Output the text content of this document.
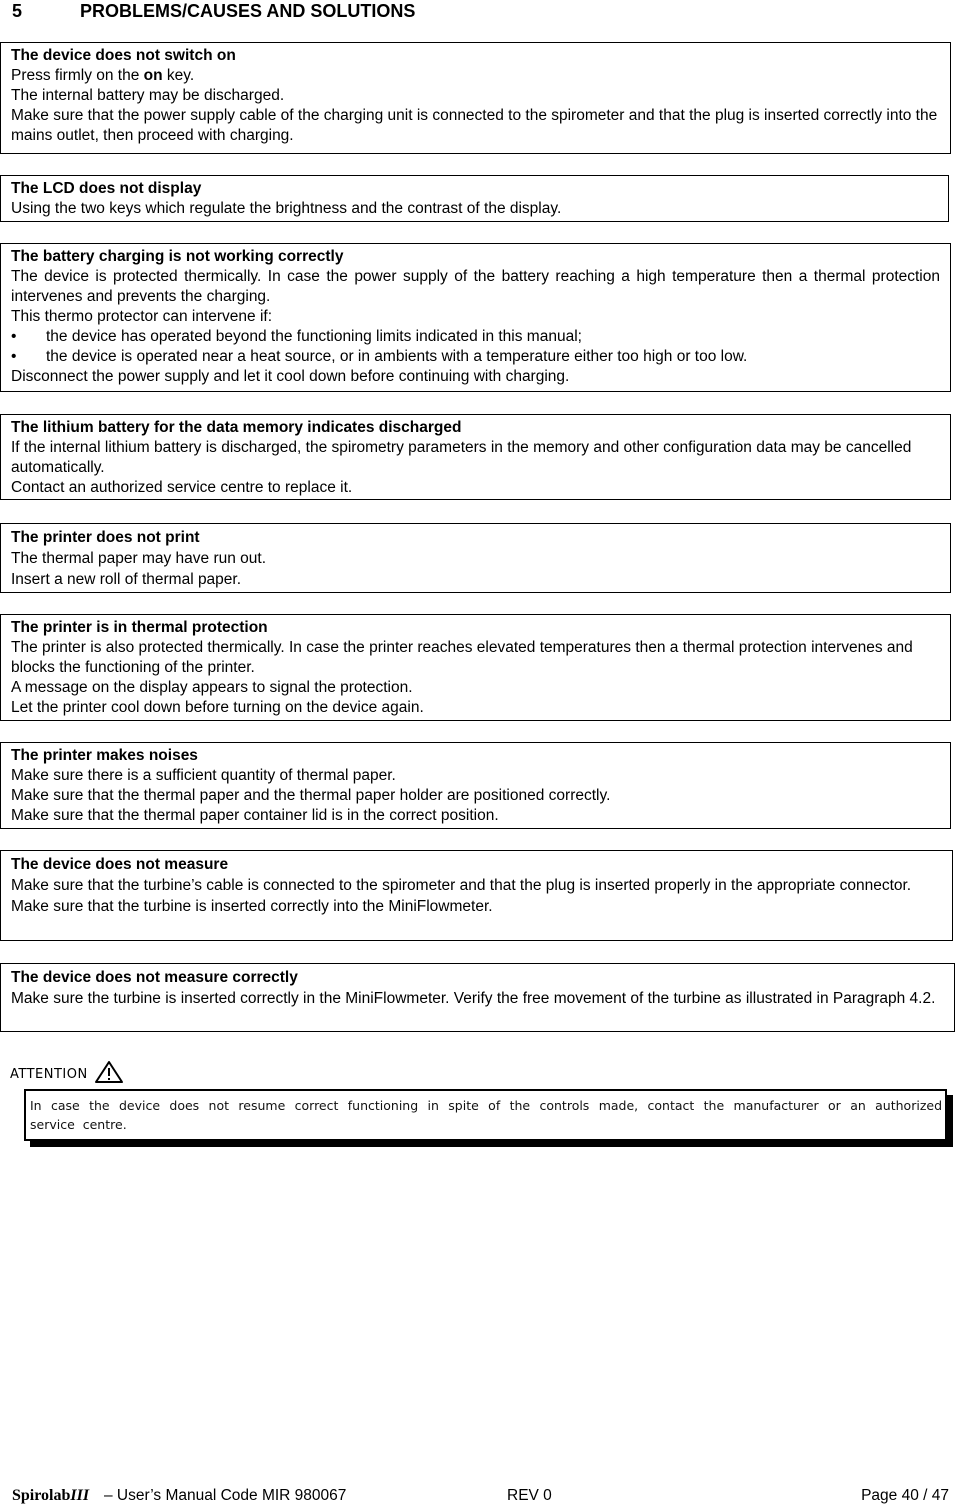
5	PROBLEMS/CAUSES AND SOLUTIONS

The device does not switch on

Press firmly on the on key.

The internal battery may be discharged.

Make sure that the power supply cable of the charging unit is connected to the spirometer and that the plug is inserted correctly into the mains outlet, then proceed with charging.

The LCD does not display

Using the two keys which regulate the brightness and the contrast of the display.

The battery charging is not working correctly

The device is protected thermically. In case the power supply of the battery reaching a high temperature then a thermal protection intervenes and prevents the charging.

This thermo protector can intervene if:

•	the device has operated beyond the functioning limits indicated in this manual;
•	the device is operated near a heat source, or in ambients with a temperature either too high or too low.

Disconnect the power supply and let it cool down before continuing with charging.

The lithium battery for the data memory indicates discharged

If the internal lithium battery is discharged, the spirometry parameters in the memory and other configuration data may be cancelled automatically.

Contact an authorized service centre to replace it.

The printer does not print

The thermal paper may have run out.

Insert a new roll of thermal paper.

The printer is in thermal protection

The printer is also protected thermically. In case the printer reaches elevated temperatures then a thermal protection intervenes and blocks the functioning of the printer.

A message on the display appears to signal the protection.

Let the printer cool down before turning on the device again.

The printer makes noises

Make sure there is a sufficient quantity of thermal paper.

Make sure that the thermal paper and the thermal paper holder are positioned correctly.

Make sure that the thermal paper container lid is in the correct position.

The device does not measure

Make sure that the turbine’s cable is connected to the spirometer and that the plug is inserted properly in the appropriate connector.

Make sure that the turbine is inserted correctly into the MiniFlowmeter.

The device does not measure correctly

Make sure the turbine is inserted correctly in the MiniFlowmeter. Verify the free movement of the turbine as illustrated in Paragraph 4.2.

ATTENTION
In case the device does not resume correct functioning in spite of the controls made, contact the manufacturer or an authorized service centre.
SpirolabIII – User’s Manual Code MIR 980067	REV 0	Page 40 / 47
